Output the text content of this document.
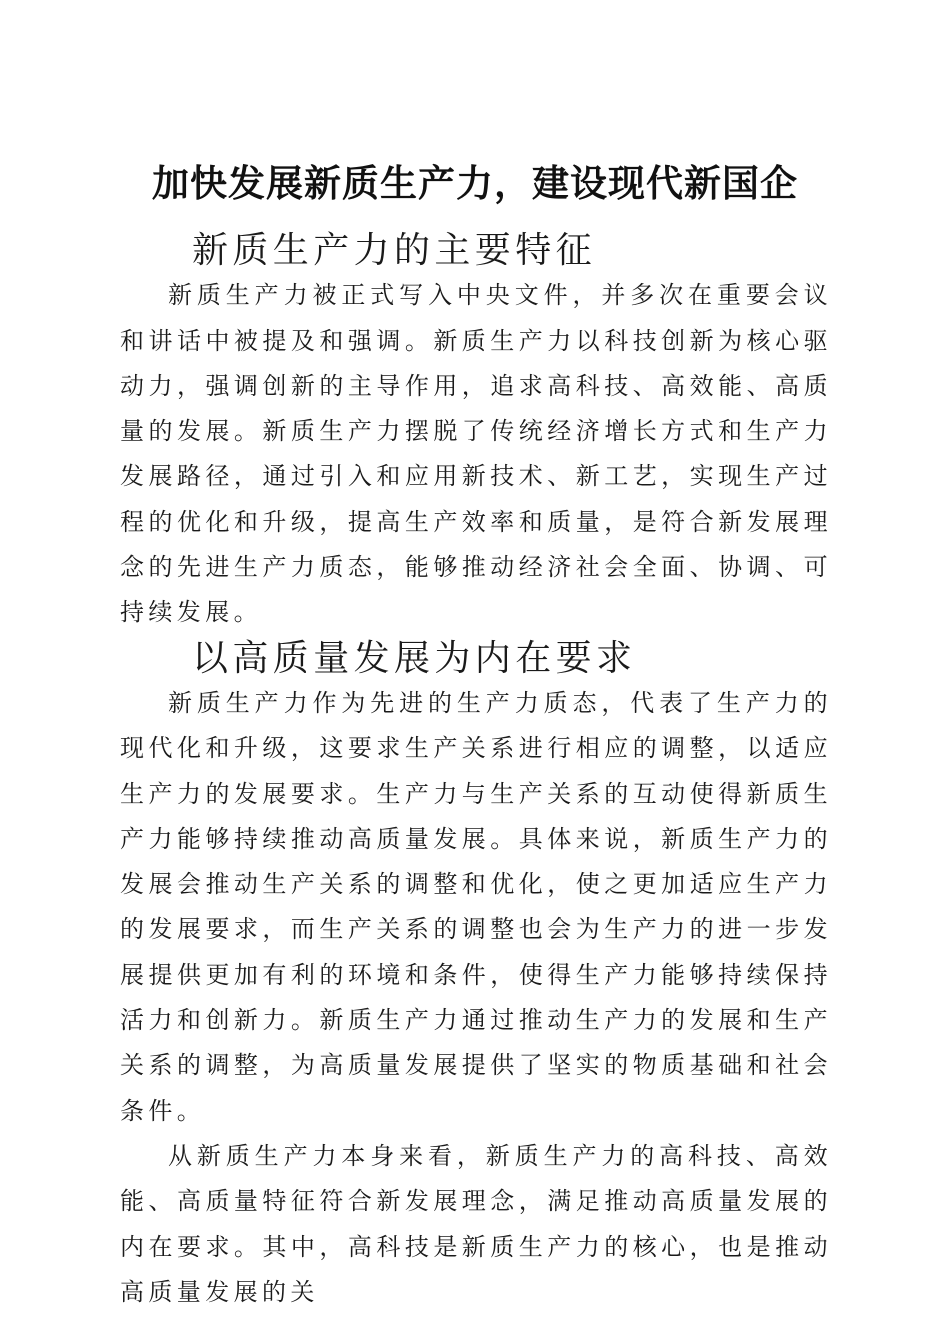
加快发展新质生产力，建设现代新国企
新质生产力的主要特征

新质生产力被正式写入中央文件，并多次在重要会议和讲话中被提及和强调。新质生产力以科技创新为核心驱动力，强调创新的主导作用，追求高科技、高效能、高质量的发展。新质生产力摆脱了传统经济增长方式和生产力发展路径，通过引入和应用新技术、新工艺，实现生产过程的优化和升级，提高生产效率和质量，是符合新发展理念的先进生产力质态，能够推动经济社会全面、协调、可持续发展。

以高质量发展为内在要求

新质生产力作为先进的生产力质态，代表了生产力的现代化和升级，这要求生产关系进行相应的调整，以适应生产力的发展要求。生产力与生产关系的互动使得新质生产力能够持续推动高质量发展。具体来说，新质生产力的发展会推动生产关系的调整和优化，使之更加适应生产力的发展要求，而生产关系的调整也会为生产力的进一步发展提供更加有利的环境和条件，使得生产力能够持续保持活力和创新力。新质生产力通过推动生产力的发展和生产关系的调整，为高质量发展提供了坚实的物质基础和社会条件。

从新质生产力本身来看，新质生产力的高科技、高效能、高质量特征符合新发展理念，满足推动高质量发展的内在要求。其中，高科技是新质生产力的核心，也是推动高质量发展的关
